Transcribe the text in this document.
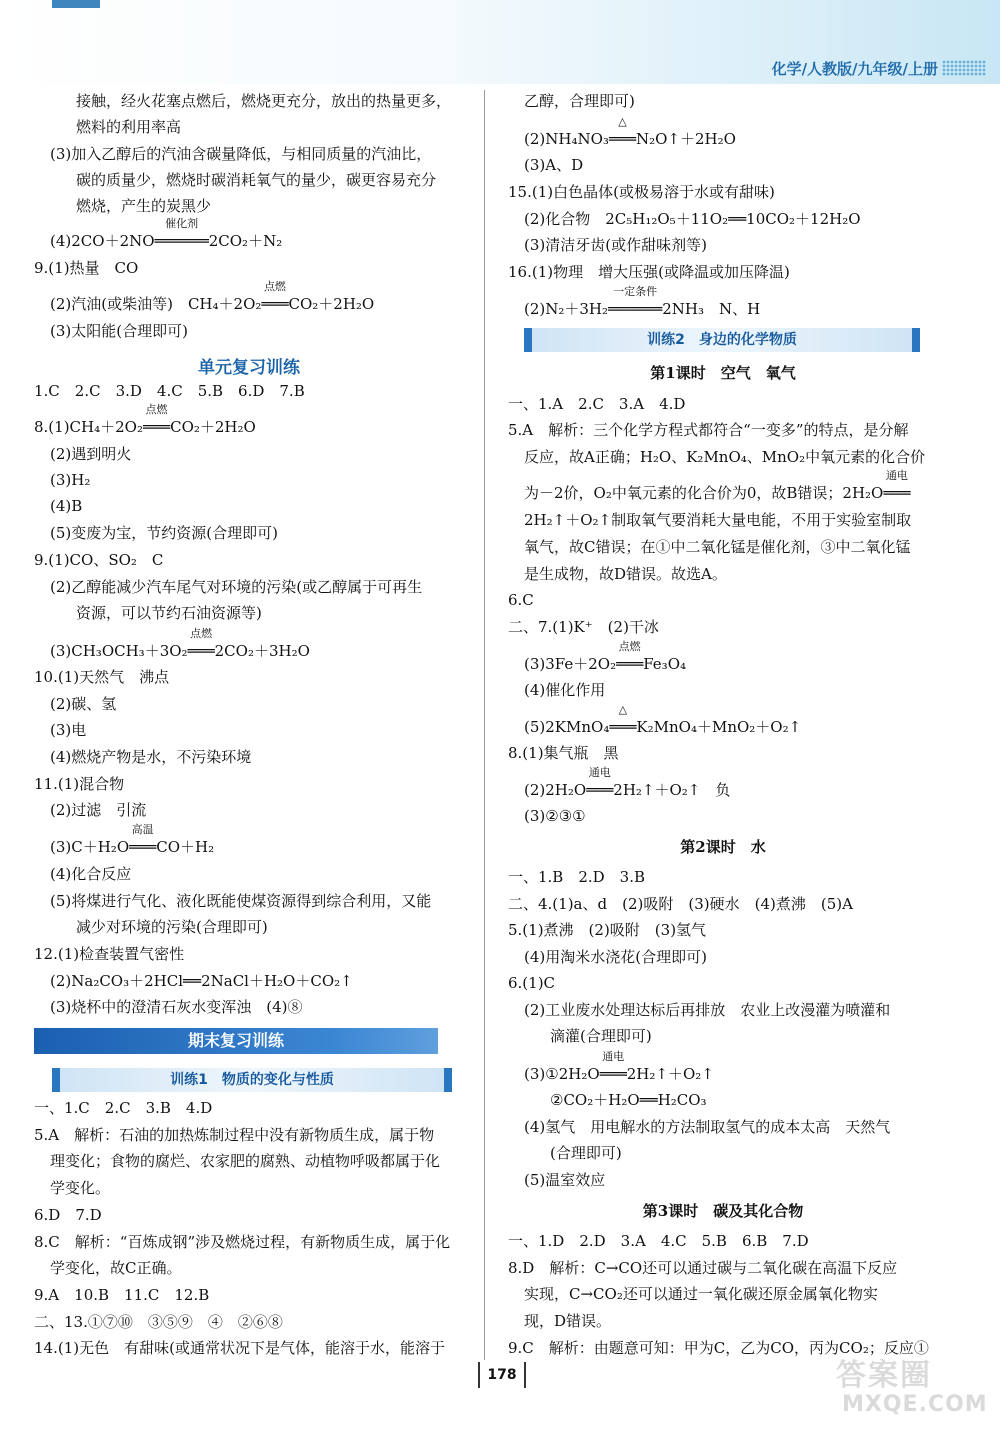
化学/人教版/九年级/上册
接触，经火花塞点燃后，燃烧更充分，放出的热量更多，
燃料的利用率高
(3)加入乙醇后的汽油含碳量降低，与相同质量的汽油比，
碳的质量少，燃烧时碳消耗氧气的量少，碳更容易充分
燃烧，产生的炭黑少
(4)2CO＋2NO
催化剂
══════2CO₂＋N₂
9.(1)热量　CO
(2)汽油(或柴油等)　CH₄＋2O₂
点燃
═══CO₂＋2H₂O
(3)太阳能(合理即可)
单元复习训练
1.C　2.C　3.D　4.C　5.B　6.D　7.B
8.(1)CH₄＋2O₂
点燃
═══CO₂＋2H₂O
(2)遇到明火
(3)H₂
(4)B
(5)变废为宝，节约资源(合理即可)
9.(1)CO、SO₂　C
(2)乙醇能减少汽车尾气对环境的污染(或乙醇属于可再生
资源，可以节约石油资源等)
(3)CH₃OCH₃＋3O₂
点燃
═══2CO₂＋3H₂O
10.(1)天然气　沸点
(2)碳、氢
(3)电
(4)燃烧产物是水，不污染环境
11.(1)混合物
(2)过滤　引流
(3)C＋H₂O
高温
═══CO＋H₂
(4)化合反应
(5)将煤进行气化、液化既能使煤资源得到综合利用，又能
减少对环境的污染(合理即可)
12.(1)检查装置气密性
(2)Na₂CO₃＋2HCl══2NaCl＋H₂O＋CO₂↑
(3)烧杯中的澄清石灰水变浑浊　(4)⑧
期末复习训练
训练1　物质的变化与性质
一、1.C　2.C　3.B　4.D
5.A　解析：石油的加热炼制过程中没有新物质生成，属于物
理变化；食物的腐烂、农家肥的腐熟、动植物呼吸都属于化
学变化。
6.D　7.D
8.C　解析：“百炼成钢”涉及燃烧过程，有新物质生成，属于化
学变化，故C正确。
9.A　10.B　11.C　12.B
二、13.①⑦⑩　③⑤⑨　④　②⑥⑧
14.(1)无色　有甜味(或通常状况下是气体，能溶于水，能溶于
乙醇，合理即可)
(2)NH₄NO₃
△
═══N₂O↑＋2H₂O
(3)A、D
15.(1)白色晶体(或极易溶于水或有甜味)
(2)化合物　2C₅H₁₂O₅＋11O₂══10CO₂＋12H₂O
(3)清洁牙齿(或作甜味剂等)
16.(1)物理　增大压强(或降温或加压降温)
(2)N₂＋3H₂
一定条件
══════2NH₃　N、H
训练2　身边的化学物质
第1课时　空气　氧气
一、1.A　2.C　3.A　4.D
5.A　解析：三个化学方程式都符合“一变多”的特点，是分解
反应，故A正确；H₂O、K₂MnO₄、MnO₂中氧元素的化合价
为－2价，O₂中氧元素的化合价为0，故B错误；2H₂O
通电
═══
2H₂↑＋O₂↑制取氧气要消耗大量电能，不用于实验室制取
氧气，故C错误；在①中二氧化锰是催化剂，③中二氧化锰
是生成物，故D错误。故选A。
6.C
二、7.(1)K⁺　(2)干冰
(3)3Fe＋2O₂
点燃
═══Fe₃O₄
(4)催化作用
(5)2KMnO₄
△
═══K₂MnO₄＋MnO₂＋O₂↑
8.(1)集气瓶　黑
(2)2H₂O
通电
═══2H₂↑＋O₂↑　负
(3)②③①
第2课时　水
一、1.B　2.D　3.B
二、4.(1)a、d　(2)吸附　(3)硬水　(4)煮沸　(5)A
5.(1)煮沸　(2)吸附　(3)氢气
(4)用淘米水浇花(合理即可)
6.(1)C
(2)工业废水处理达标后再排放　农业上改漫灌为喷灌和
滴灌(合理即可)
(3)①2H₂O
通电
═══2H₂↑＋O₂↑
②CO₂＋H₂O══H₂CO₃
(4)氢气　用电解水的方法制取氢气的成本太高　天然气
(合理即可)
(5)温室效应
第3课时　碳及其化合物
一、1.D　2.D　3.A　4.C　5.B　6.B　7.D
8.D　解析：C→CO还可以通过碳与二氧化碳在高温下反应
实现，C→CO₂还可以通过一氧化碳还原金属氧化物实
现，D错误。
9.C　解析：由题意可知：甲为C，乙为CO，丙为CO₂；反应①
178	答案圈
MXQE.COM
